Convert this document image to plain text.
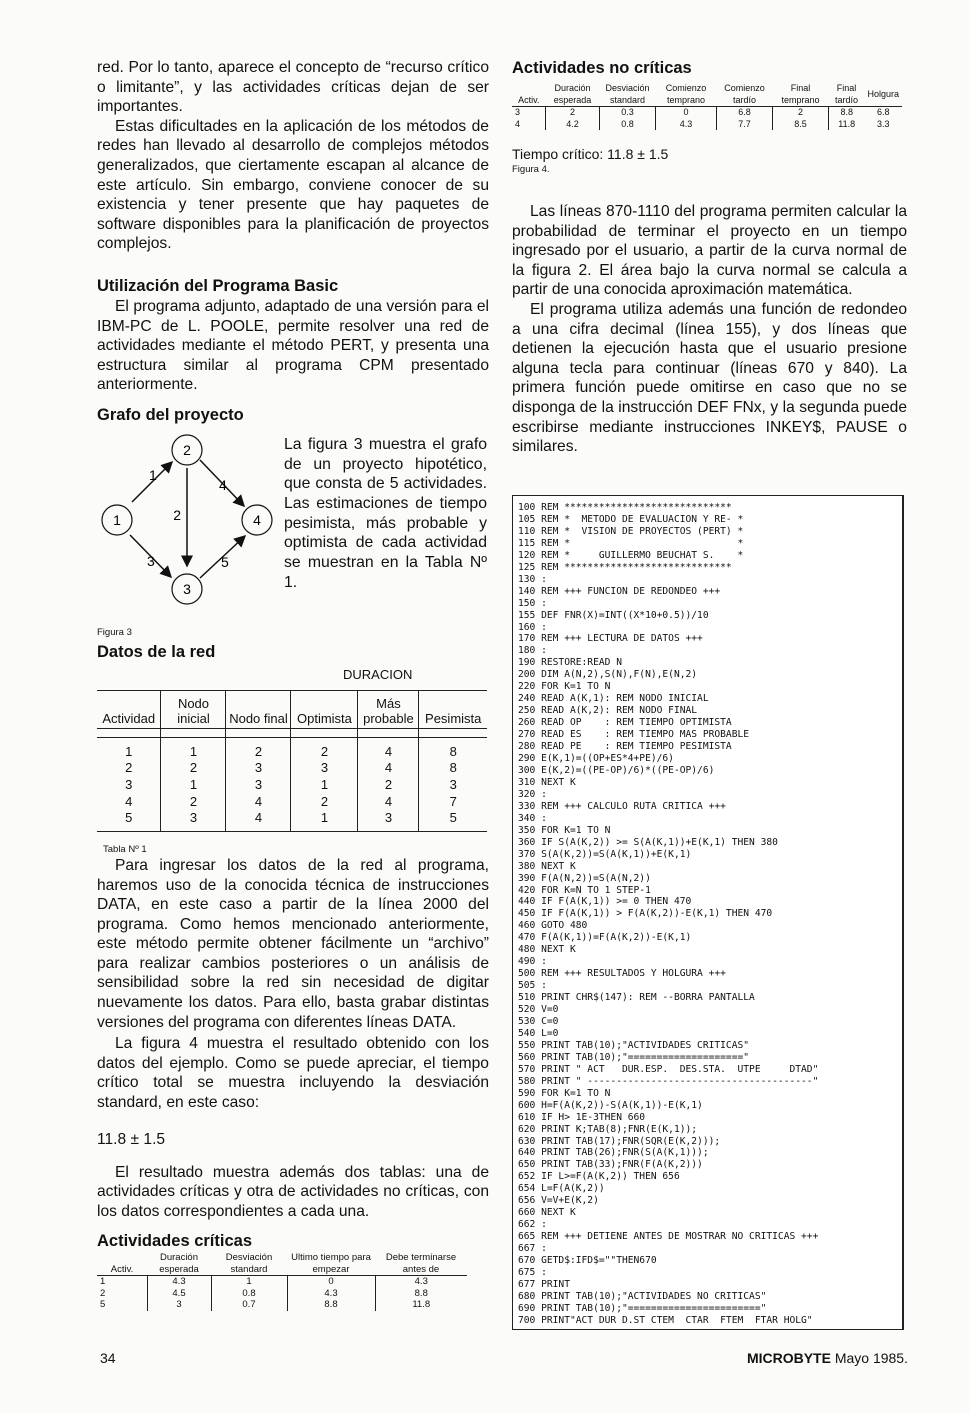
red. Por lo tanto, aparece el concepto de “recurso crítico o limitante”, y las actividades críticas dejan de ser importantes.

Estas dificultades en la aplicación de los métodos de redes han llevado al desarrollo de complejos métodos generalizados, que ciertamente escapan al alcance de este artículo. Sin embargo, conviene conocer de su existencia y tener presente que hay paquetes de software disponibles para la planificación de proyectos complejos.

Utilización del Programa Basic

El programa adjunto, adaptado de una versión para el IBM-PC de L. POOLE, permite resolver una red de actividades mediante el método PERT, y presenta una estructura similar al programa CPM presentado anteriormente.

Grafo del proyecto
1
2
3
4
1
2
3
4
5

La figura 3 muestra el grafo de un proyecto hipotético, que consta de 5 actividades. Las estimaciones de tiempo pesimista, más probable y optimista de cada actividad se muestran en la Tabla Nº 1.

Figura 3
Datos de la red
DURACION
Actividad	Nodo inicial	Nodo final	Optimista	Más probable	Pesimista

1	1	2	2	4	8
2	2	3	3	4	8
3	1	3	1	2	3
4	2	4	2	4	7
5	3	4	1	3	5
Tabla Nº 1

Para ingresar los datos de la red al programa, haremos uso de la conocida técnica de instrucciones DATA, en este caso a partir de la línea 2000 del programa. Como hemos mencionado anteriormente, este método permite obtener fácilmente un “archivo” para realizar cambios posteriores o un análisis de sensibilidad sobre la red sin necesidad de digitar nuevamente los datos. Para ello, basta grabar distintas versiones del programa con diferentes líneas DATA.

La figura 4 muestra el resultado obtenido con los datos del ejemplo. Como se puede apreciar, el tiempo crítico total se muestra incluyendo la desviación standard, en este caso:

11.8 ± 1.5

El resultado muestra además dos tablas: una de actividades críticas y otra de actividades no críticas, con los datos correspondientes a cada una.

Actividades críticas
Activ.	Duración esperada	Desviación standard	Ultimo tiempo para empezar	Debe terminarse antes de
1	4.3	1	0	4.3
2	4.5	0.8	4.3	8.8
5	3	0.7	8.8	11.8
Actividades no críticas
Activ.	Duración esperada	Desviación standard	Comienzo temprano	Comienzo tardío	Final temprano	Final tardío	Holgura
3	2	0.3	0	6.8	2	8.8	6.8
4	4.2	0.8	4.3	7.7	8.5	11.8	3.3
Tiempo crítico: 11.8 ± 1.5
Figura 4.

Las líneas 870-1110 del programa permiten calcular la probabilidad de terminar el proyecto en un tiempo ingresado por el usuario, a partir de la curva normal de la figura 2. El área bajo la curva normal se calcula a partir de una conocida aproximación matemática.

El programa utiliza además una función de redondeo a una cifra decimal (línea 155), y dos líneas que detienen la ejecución hasta que el usuario presione alguna tecla para continuar (líneas 670 y 840). La primera función puede omitirse en caso que no se disponga de la instrucción DEF FNx, y la segunda puede escribirse mediante instrucciones INKEY$, PAUSE o similares.

100 REM *****************************
105 REM *  METODO DE EVALUACION Y RE- *
110 REM *  VISION DE PROYECTOS (PERT) *
115 REM *                             *
120 REM *     GUILLERMO BEUCHAT S.    *
125 REM *****************************
130 :
140 REM +++ FUNCION DE REDONDEO +++
150 :
155 DEF FNR(X)=INT((X*10+0.5))/10
160 :
170 REM +++ LECTURA DE DATOS +++
180 :
190 RESTORE:READ N
200 DIM A(N,2),S(N),F(N),E(N,2)
220 FOR K=1 TO N
240 READ A(K,1): REM NODO INICIAL
250 READ A(K,2): REM NODO FINAL
260 READ OP    : REM TIEMPO OPTIMISTA
270 READ ES    : REM TIEMPO MAS PROBABLE
280 READ PE    : REM TIEMPO PESIMISTA
290 E(K,1)=((OP+ES*4+PE)/6)
300 E(K,2)=((PE-OP)/6)*((PE-OP)/6)
310 NEXT K
320 :
330 REM +++ CALCULO RUTA CRITICA +++
340 :
350 FOR K=1 TO N
360 IF S(A(K,2)) >= S(A(K,1))+E(K,1) THEN 380
370 S(A(K,2))=S(A(K,1))+E(K,1)
380 NEXT K
390 F(A(N,2))=S(A(N,2))
420 FOR K=N TO 1 STEP-1
440 IF F(A(K,1)) >= 0 THEN 470
450 IF F(A(K,1)) > F(A(K,2))-E(K,1) THEN 470
460 GOTO 480
470 F(A(K,1))=F(A(K,2))-E(K,1)
480 NEXT K
490 :
500 REM +++ RESULTADOS Y HOLGURA +++
505 :
510 PRINT CHR$(147): REM --BORRA PANTALLA
520 V=0
530 C=0
540 L=0
550 PRINT TAB(10);"ACTIVIDADES CRITICAS"
560 PRINT TAB(10);"===================="
570 PRINT " ACT   DUR.ESP.  DES.STA.  UTPE     DTAD"
580 PRINT " ---------------------------------------"
590 FOR K=1 TO N
600 H=F(A(K,2))-S(A(K,1))-E(K,1)
610 IF H> 1E-3THEN 660
620 PRINT K;TAB(8);FNR(E(K,1));
630 PRINT TAB(17);FNR(SQR(E(K,2)));
640 PRINT TAB(26);FNR(S(A(K,1)));
650 PRINT TAB(33);FNR(F(A(K,2)))
652 IF L>=F(A(K,2)) THEN 656
654 L=F(A(K,2))
656 V=V+E(K,2)
660 NEXT K
662 :
665 REM +++ DETIENE ANTES DE MOSTRAR NO CRITICAS +++
667 :
670 GETD$:IFD$=""THEN670
675 :
677 PRINT
680 PRINT TAB(10);"ACTIVIDADES NO CRITICAS"
690 PRINT TAB(10);"======================="
700 PRINT"ACT DUR D.ST CTEM  CTAR  FTEM  FTAR HOLG"
34	MICROBYTE Mayo 1985.
